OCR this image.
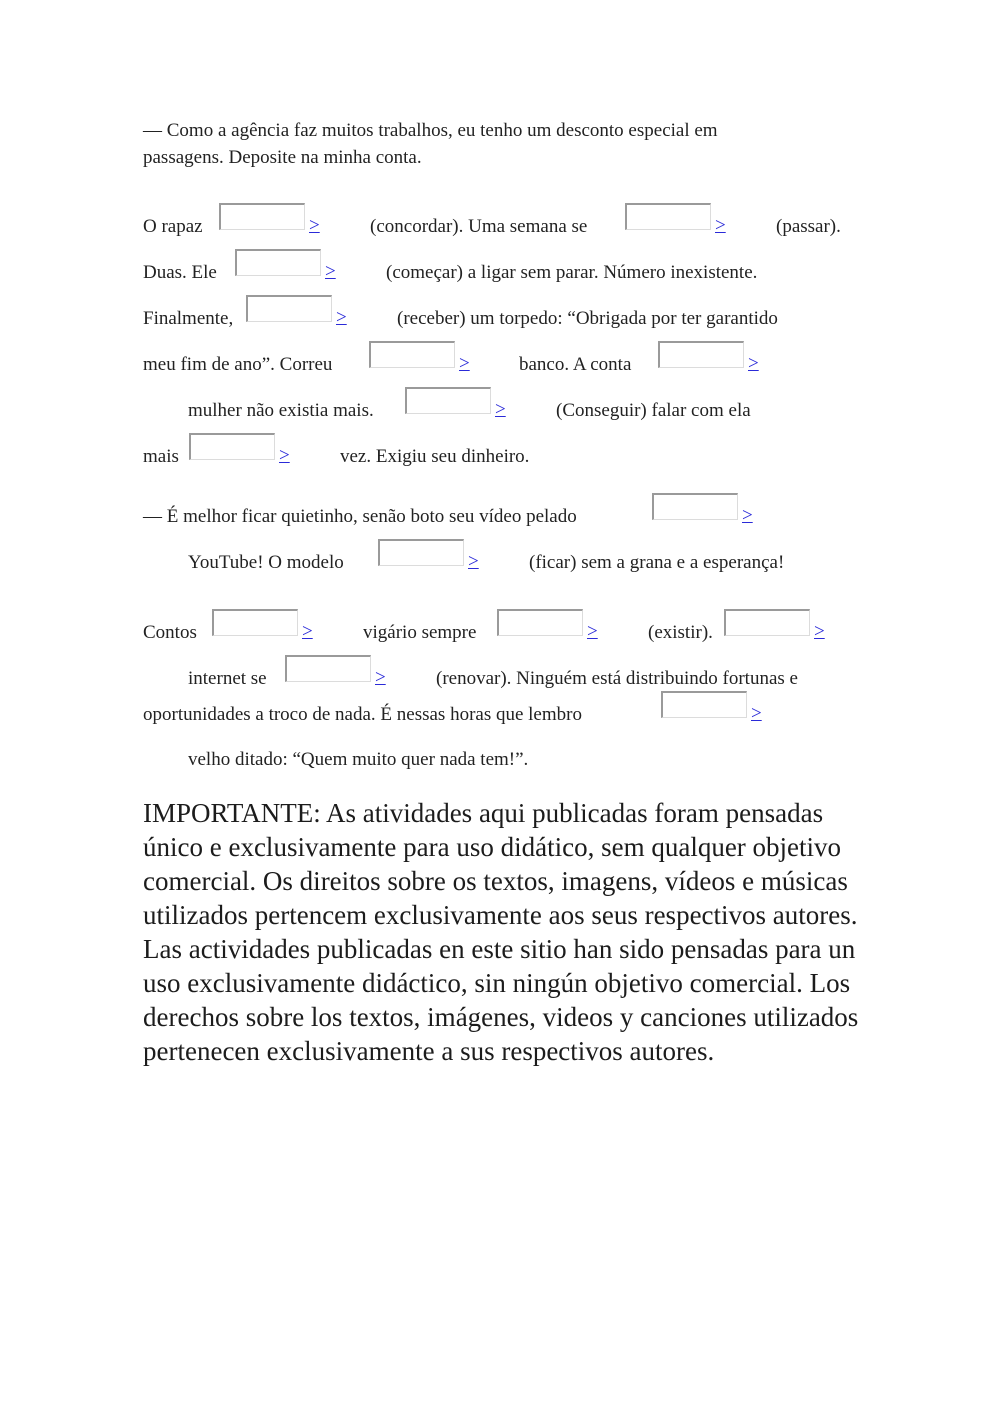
— Como a agência faz muitos trabalhos, eu tenho um desconto especial em
passagens. Deposite na minha conta.
O rapaz	>	(concordar). Uma semana se	>	(passar).
Duas. Ele	>	(começar) a ligar sem parar. Número inexistente.
Finalmente,	>	(receber) um torpedo: “Obrigada por ter garantido
meu fim de ano”. Correu	>	banco. A conta	>
mulher não existia mais.	>	(Conseguir) falar com ela
mais	>	vez. Exigiu seu dinheiro.
— É melhor ficar quietinho, senão boto seu vídeo pelado	>
YouTube! O modelo	>	(ficar) sem a grana e a esperança!
Contos	>	vigário sempre	>	(existir).	>
internet se	>	(renovar). Ninguém está distribuindo fortunas e
oportunidades a troco de nada. É nessas horas que lembro	>
velho ditado: “Quem muito quer nada tem!”.
IMPORTANTE: As atividades aqui publicadas foram pensadas único e exclusivamente para uso didático, sem qualquer objetivo comercial. Os direitos sobre os textos, imagens, vídeos e músicas utilizados pertencem exclusivamente aos seus respectivos autores. Las actividades publicadas en este sitio han sido pensadas para un uso exclusivamente didáctico, sin ningún objetivo comercial. Los derechos sobre los textos, imágenes, videos y canciones utilizados pertenecen exclusivamente a sus respectivos autores.
